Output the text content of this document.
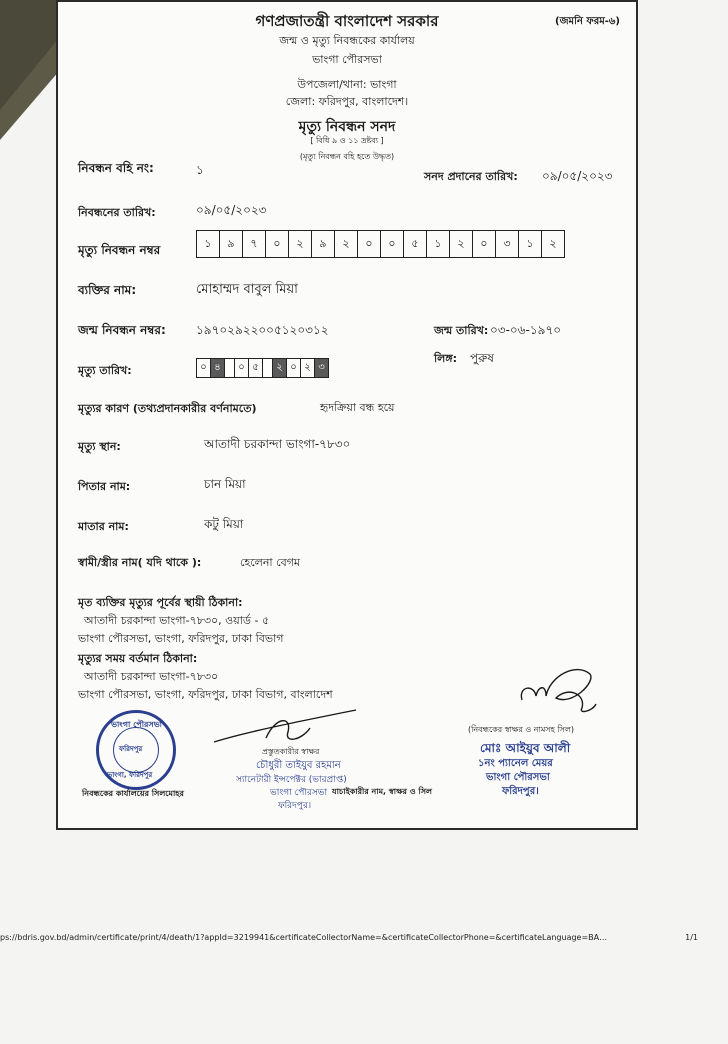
গণপ্রজাতন্ত্রী বাংলাদেশ সরকার	(জমনি ফরম-৬)
জন্ম ও মৃত্যু নিবন্ধকের কার্যালয়
ভাংগা পৌরসভা
উপজেলা/থানা: ভাংগা
জেলা: ফরিদপুর, বাংলাদেশ।
মৃত্যু নিবন্ধন সনদ
[ বিধি ৯ ও ১১ দ্রষ্টব্য ]
(মৃত্যু নিবন্ধন বহি হতে উদ্ধৃত)
নিবন্ধন বহি নং:	১	সনদ প্রদানের তারিখ: ০৯/০৫/২০২৩
নিবন্ধনের তারিখ:	০৯/০৫/২০২৩
মৃত্যু নিবন্ধন নম্বর	১	৯	৭	০	২	৯	২	০	০	৫	১	২	০	৩	১	২
ব্যক্তির নাম:	মোহাম্মদ বাবুল মিয়া
জন্ম নিবন্ধন নম্বর:	১৯৭০২৯২২০০৫১২০৩১২	জন্ম তারিখ: ০৩-০৬-১৯৭০
লিঙ্গ: পুরুষ
মৃত্যু তারিখ:	০ ৪	০ ৫	২ ০ ২ ৩
মৃত্যুর কারণ (তথ্যপ্রদানকারীর বর্ণনামতে)	হৃদক্রিয়া বন্ধ হয়ে
মৃত্যু স্থান:	আতাদী চরকান্দা ভাংগা-৭৮৩০
পিতার নাম:	চান মিয়া
মাতার নাম:	কটু মিয়া
স্বামী/স্ত্রীর নাম( যদি থাকে ):	হেলেনা বেগম
মৃত ব্যক্তির মৃত্যুর পূর্বের স্থায়ী ঠিকানা:
আতাদী চরকান্দা ভাংগা-৭৮৩০, ওয়ার্ড - ৫
ভাংগা পৌরসভা, ভাংগা, ফরিদপুর, ঢাকা বিভাগ
মৃত্যুর সময় বর্তমান ঠিকানা:
আতাদী চরকান্দা ভাংগা-৭৮৩০
ভাংগা পৌরসভা, ভাংগা, ফরিদপুর, ঢাকা বিভাগ, বাংলাদেশ
(নিবন্ধকের স্বাক্ষর ও নামসহ সিল)
মোঃ আইয়ুব আলী
১নং প্যানেল মেয়র
ভাংগা পৌরসভা
ফরিদপুর।
ভাংগা পৌরসভা
ফরিদপুর
ভাংগা, ফরিদপুর
প্রস্তুতকারীর স্বাক্ষর
চৌধুরী তাইযুব রহমান
স্যানেটারী ইন্সপেক্টর (ভারপ্রাপ্ত)
ভাংগা পৌরসভা
ফরিদপুর।
নিবন্ধকের কার্যালয়ের সিলমোহর	যাচাইকারীর নাম, স্বাক্ষর ও সিল
ps://bdris.gov.bd/admin/certificate/print/4/death/1?appId=3219941&certificateCollectorName=&certificateCollectorPhone=&certificateLanguage=BA…	1/1
